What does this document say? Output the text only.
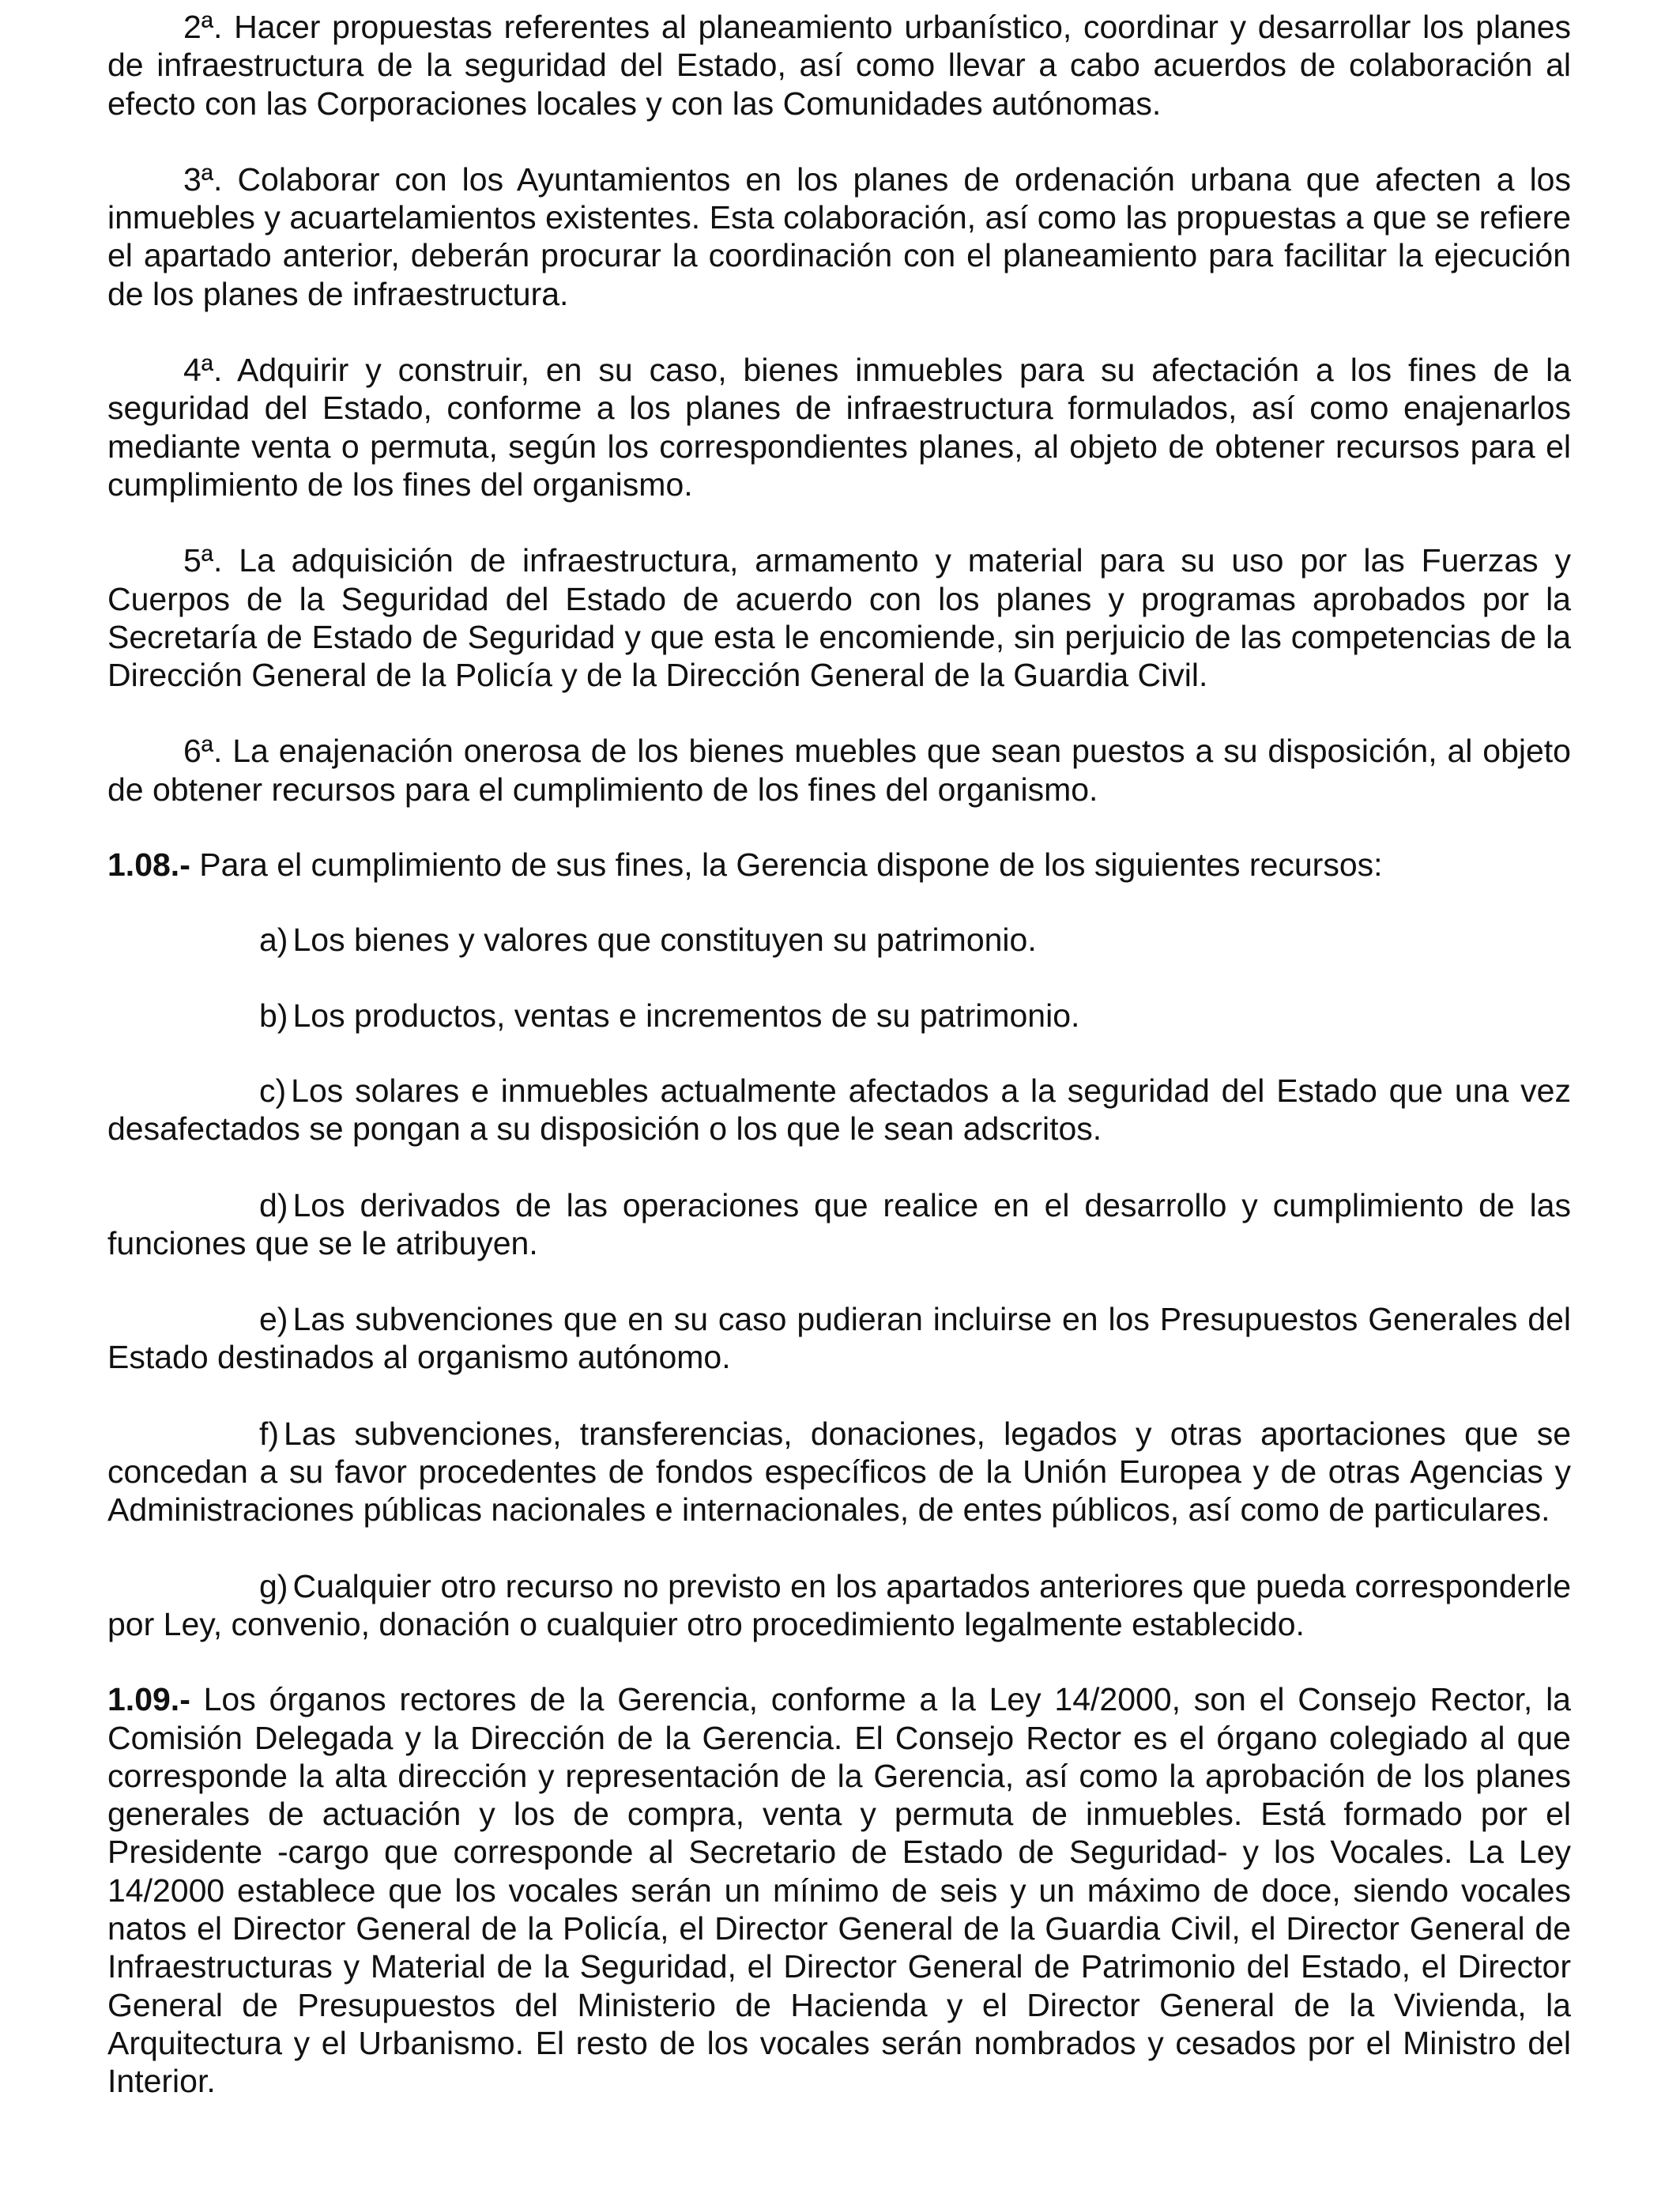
2ª. Hacer propuestas referentes al planeamiento urbanístico, coordinar y desarrollar los planes de infraestructura de la seguridad del Estado, así como llevar a cabo acuerdos de colaboración al efecto con las Corporaciones locales y con las Comunidades autónomas.

3ª. Colaborar con los Ayuntamientos en los planes de ordenación urbana que afecten a los inmuebles y acuartelamientos existentes. Esta colaboración, así como las propuestas a que se refiere el apartado anterior, deberán procurar la coordinación con el planeamiento para facilitar la ejecución de los planes de infraestructura.

4ª. Adquirir y construir, en su caso, bienes inmuebles para su afectación a los fines de la seguridad del Estado, conforme a los planes de infraestructura formulados, así como enajenarlos mediante venta o permuta, según los correspondientes planes, al objeto de obtener recursos para el cumplimiento de los fines del organismo.

5ª. La adquisición de infraestructura, armamento y material para su uso por las Fuerzas y Cuerpos de la Seguridad del Estado de acuerdo con los planes y programas aprobados por la Secretaría de Estado de Seguridad y que esta le encomiende, sin perjuicio de las competencias de la Dirección General de la Policía y de la Dirección General de la Guardia Civil.

6ª. La enajenación onerosa de los bienes muebles que sean puestos a su disposición, al objeto de obtener recursos para el cumplimiento de los fines del organismo.

1.08.- Para el cumplimiento de sus fines, la Gerencia dispone de los siguientes recursos:

a) Los bienes y valores que constituyen su patrimonio.

b) Los productos, ventas e incrementos de su patrimonio.

c) Los solares e inmuebles actualmente afectados a la seguridad del Estado que una vez desafectados se pongan a su disposición o los que le sean adscritos.

d) Los derivados de las operaciones que realice en el desarrollo y cumplimiento de las funciones que se le atribuyen.

e) Las subvenciones que en su caso pudieran incluirse en los Presupuestos Generales del Estado destinados al organismo autónomo.

f) Las subvenciones, transferencias, donaciones, legados y otras aportaciones que se concedan a su favor procedentes de fondos específicos de la Unión Europea y de otras Agencias y Administraciones públicas nacionales e internacionales, de entes públicos, así como de particulares.

g) Cualquier otro recurso no previsto en los apartados anteriores que pueda corresponderle por Ley, convenio, donación o cualquier otro procedimiento legalmente establecido.

1.09.- Los órganos rectores de la Gerencia, conforme a la Ley 14/2000, son el Consejo Rector, la Comisión Delegada y la Dirección de la Gerencia. El Consejo Rector es el órgano colegiado al que corresponde la alta dirección y representación de la Gerencia, así como la aprobación de los planes generales de actuación y los de compra, venta y permuta de inmuebles. Está formado por el Presidente -cargo que corresponde al Secretario de Estado de Seguridad- y los Vocales. La Ley 14/2000 establece que los vocales serán un mínimo de seis y un máximo de doce, siendo vocales natos el Director General de la Policía, el Director General de la Guardia Civil, el Director General de Infraestructuras y Material de la Seguridad, el Director General de Patrimonio del Estado, el Director General de Presupuestos del Ministerio de Hacienda y el Director General de la Vivienda, la Arquitectura y el Urbanismo. El resto de los vocales serán nombrados y cesados por el Ministro del Interior.
